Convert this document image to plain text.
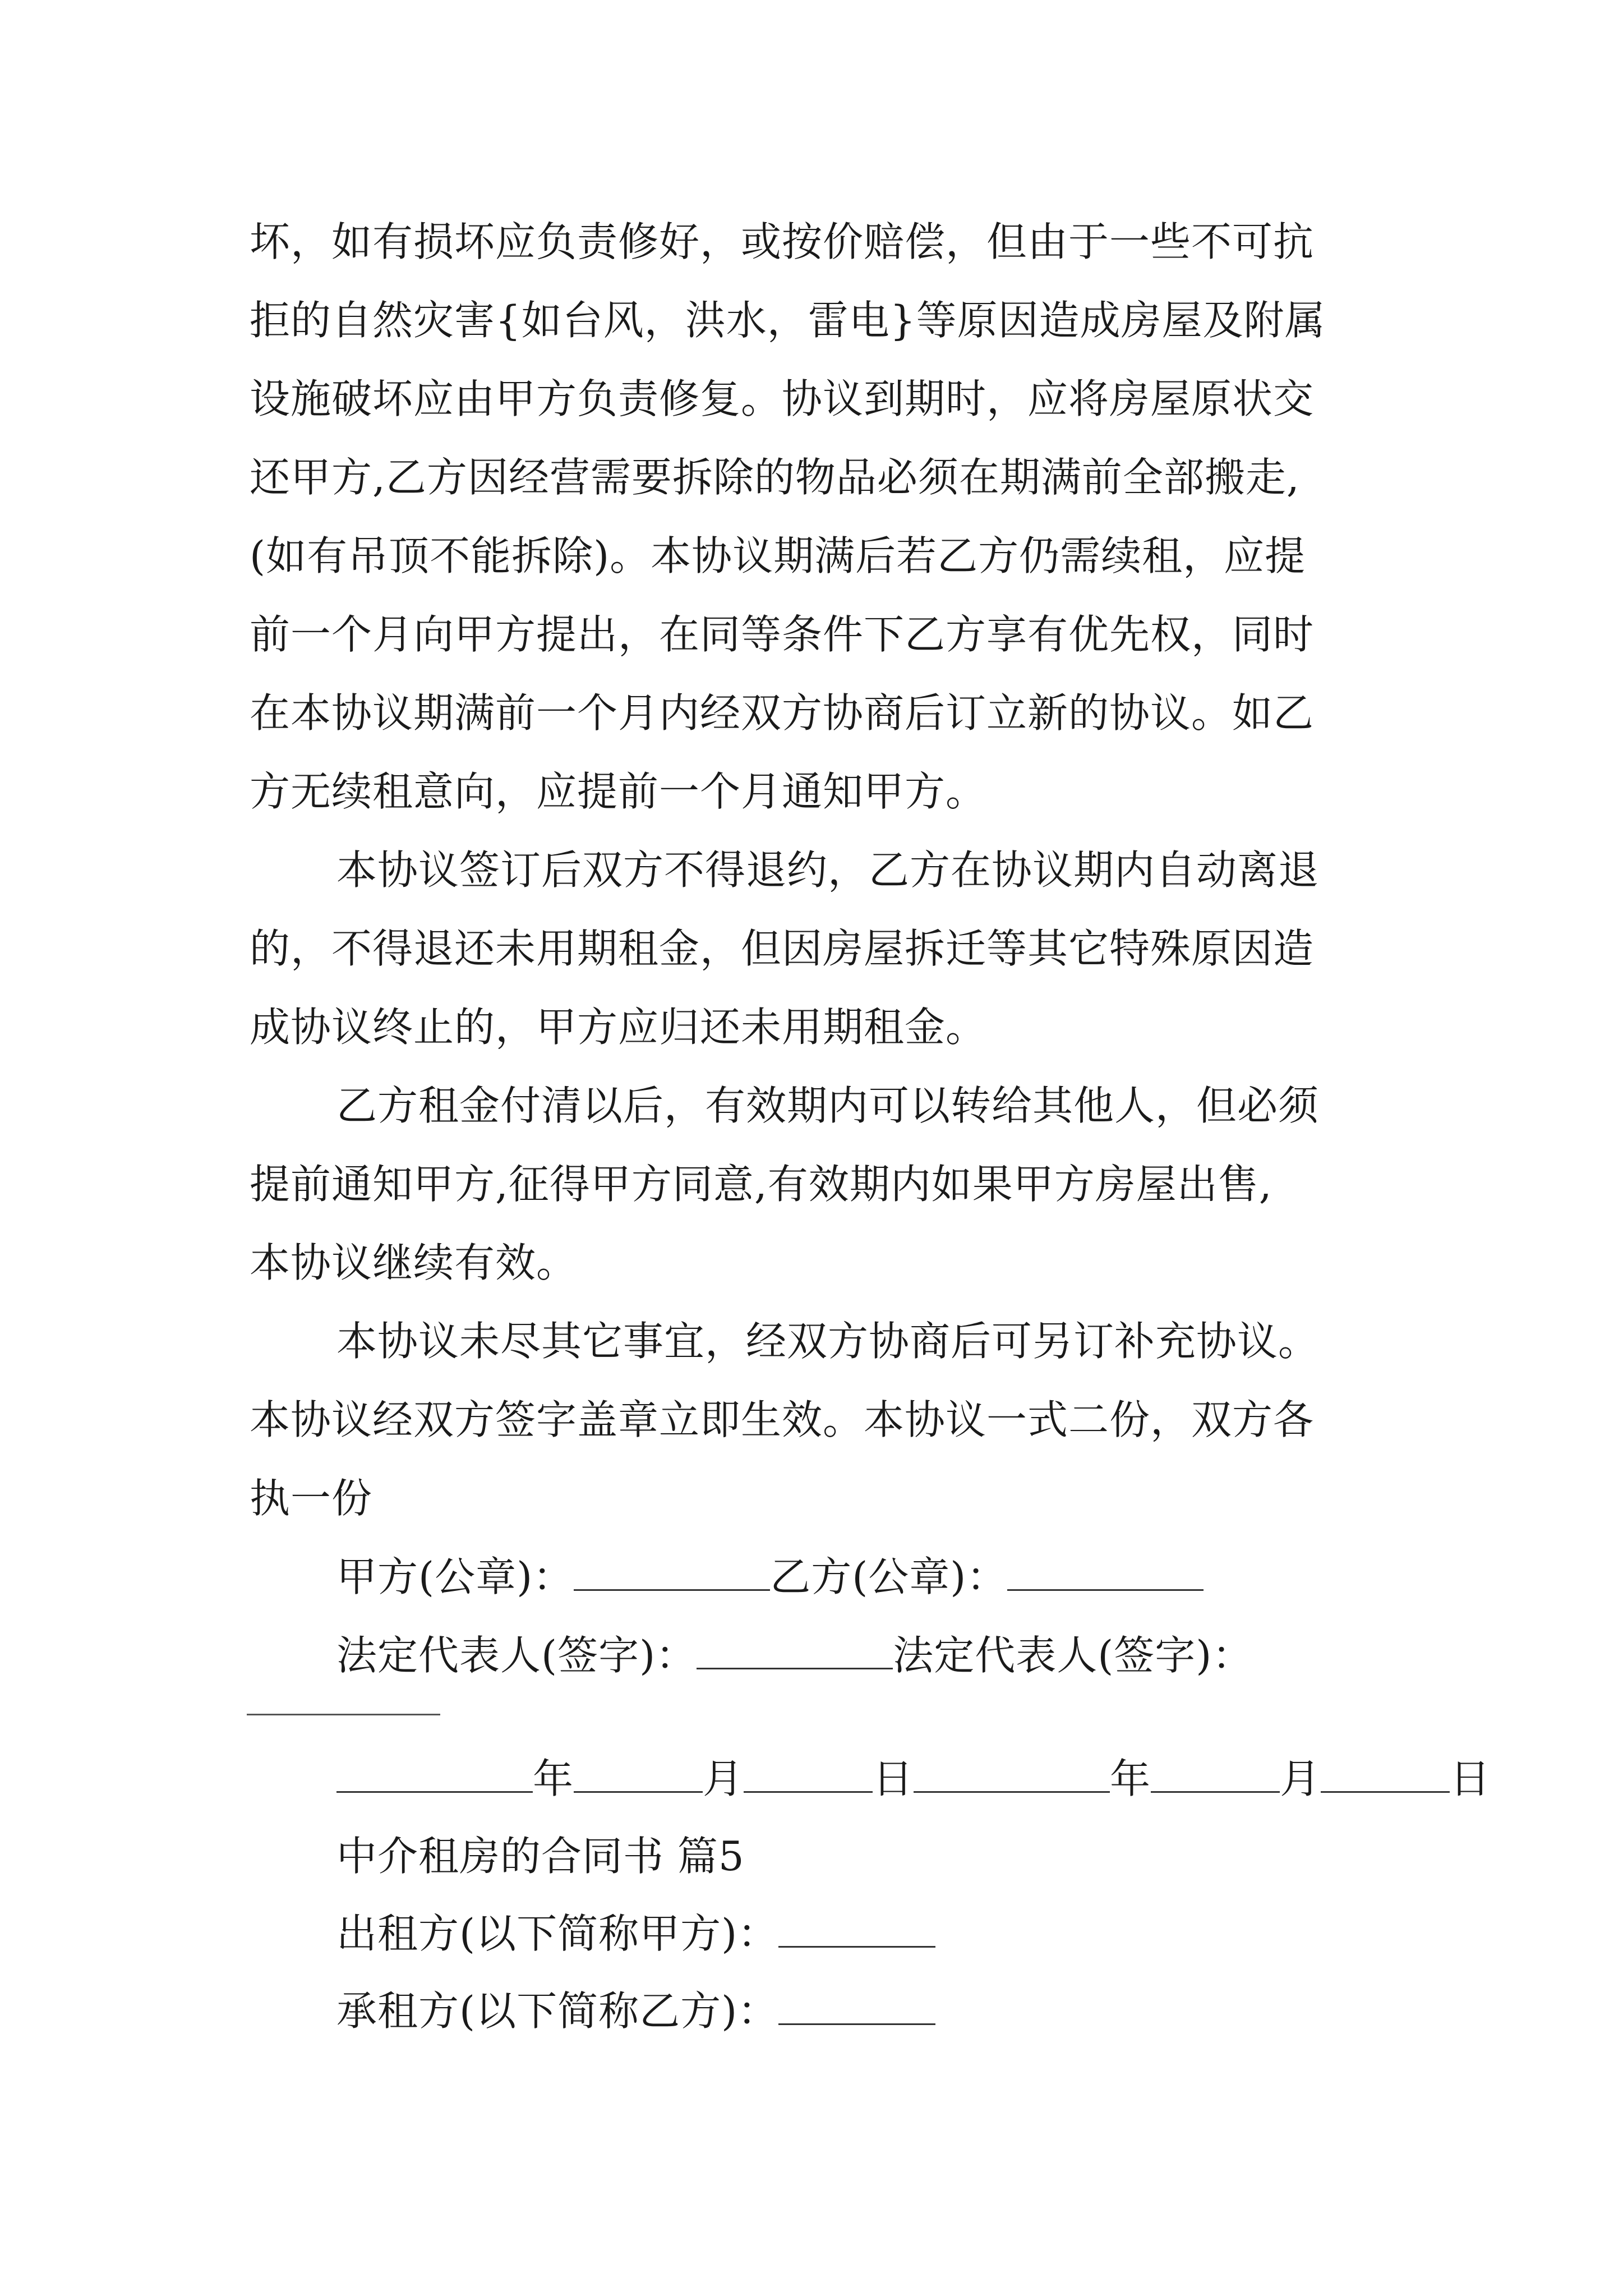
坏，如有损坏应负责修好，或按价赔偿，但由于一些不可抗
拒的自然灾害{如台风，洪水，雷电}等原因造成房屋及附属
设施破坏应由甲方负责修复。协议到期时，应将房屋原状交
还甲方,乙方因经营需要拆除的物品必须在期满前全部搬走,
(如有吊顶不能拆除)。本协议期满后若乙方仍需续租，应提
前一个月向甲方提出，在同等条件下乙方享有优先权，同时
在本协议期满前一个月内经双方协商后订立新的协议。如乙
方无续租意向，应提前一个月通知甲方。
本协议签订后双方不得退约，乙方在协议期内自动离退
的，不得退还未用期租金，但因房屋拆迁等其它特殊原因造
成协议终止的，甲方应归还未用期租金。
乙方租金付清以后，有效期内可以转给其他人，但必须
提前通知甲方,征得甲方同意,有效期内如果甲方房屋出售,
本协议继续有效。
本协议未尽其它事宜，经双方协商后可另订补充协议。
本协议经双方签字盖章立即生效。本协议一式二份，双方各
执一份
甲方(公章)：	乙方(公章)：
法定代表人(签字)：	法定代表人(签字)：
年	月	日	年	月	日
中介租房的合同书 篇5
出租方(以下简称甲方)：
承租方(以下简称乙方)：
